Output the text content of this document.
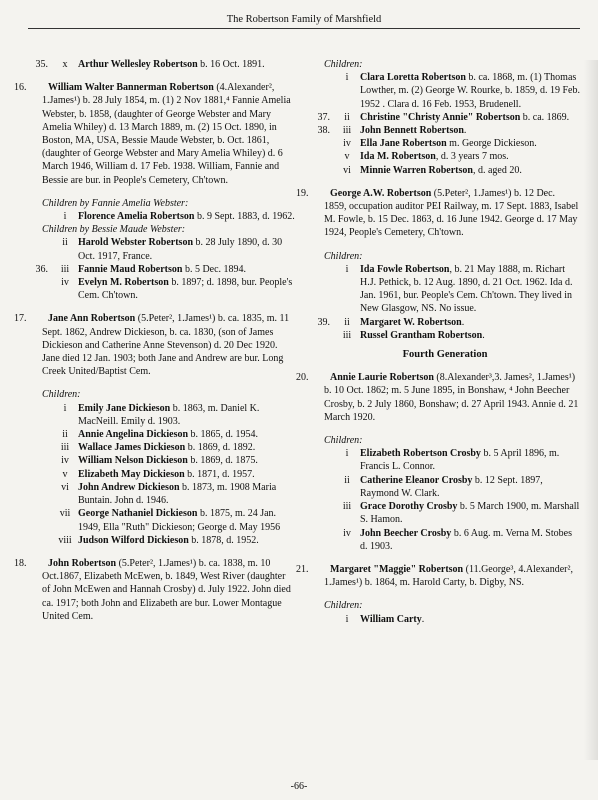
The Robertson Family of Marshfield
35.	x	Arthur Wellesley Robertson b. 16 Oct. 1891.

16. William Walter Bannerman Robertson (4.Alexander², 1.James¹) b. 28 July 1854, m. (1) 2 Nov 1881,⁴ Fannie Amelia Webster, b. 1858, (daughter of George Webster and Mary Amelia Whiley) d. 13 March 1889, m. (2) 15 Oct. 1890, in Boston, MA, USA, Bessie Maude Webster, b. Oct. 1861, (daughter of George Webster and Mary Amelia Whiley) d. 6 March 1946, William d. 17 Feb. 1938. William, Fannie and Bessie are bur. in People's Cemetery, Ch'town.

Children by Fannie Amelia Webster:
i	Florence Amelia Robertson b. 9 Sept. 1883, d. 1962.
Children by Bessie Maude Webster:
ii	Harold Webster Robertson b. 28 July 1890, d. 30 Oct. 1917, France.
36.	iii Fannie Maud Robertson b. 5 Dec. 1894.
iv Evelyn M. Robertson b. 1897; d. 1898, bur. People's Cem. Ch'town.

17. Jane Ann Robertson (5.Peter², 1.James¹) b. ca. 1835, m. 11 Sept. 1862, Andrew Dickieson, b. ca. 1830, (son of James Dickieson and Catherine Anne Stevenson) d. 20 Dec 1920. Jane died 12 Jan. 1903; both Jane and Andrew are bur. Long Creek United/Baptist Cem.

Children:
i	Emily Jane Dickieson b. 1863, m. Daniel K. MacNeill. Emily d. 1903.
ii	Annie Angelina Dickieson b. 1865, d. 1954.
iii Wallace James Dickieson b. 1869, d. 1892.
iv William Nelson Dickieson b. 1869, d. 1875.
v	Elizabeth May Dickieson b. 1871, d. 1957.
vi John Andrew Dickieson b. 1873, m. 1908 Maria Buntain. John d. 1946.
vii George Nathaniel Dickieson b. 1875, m. 24 Jan. 1949, Ella "Ruth" Dickieson; George d. May 1956
viii Judson Wilford Dickieson b. 1878, d. 1952.

18. John Robertson (5.Peter², 1.James¹) b. ca. 1838, m. 10 Oct.1867, Elizabeth McEwen, b. 1849, West River (daughter of John McEwen and Hannah Crosby) d. July 1922. John died ca. 1917; both John and Elizabeth are bur. Lower Montague United Cem.

Children:
i	Clara Loretta Robertson b. ca. 1868, m. (1) Thomas Lowther, m. (2) George W. Rourke, b. 1859, d. 19 Feb. 1952 . Clara d. 16 Feb. 1953, Brudenell.
37.	ii	Christine "Christy Annie" Robertson b. ca. 1869.
38.	iii John Bennett Robertson.
iv Ella Jane Robertson m. George Dickieson.
v	Ida M. Robertson, d. 3 years 7 mos.
vi Minnie Warren Robertson, d. aged 20.

19. George A.W. Robertson (5.Peter², 1.James¹) b. 12 Dec. 1859, occupation auditor PEI Railway, m. 17 Sept. 1883, Isabel M. Fowle, b. 15 Dec. 1863, d. 16 June 1942. George d. 17 May 1924, People's Cemetery, Ch'town.

Children:
i	Ida Fowle Robertson, b. 21 May 1888, m. Richart H.J. Pethick, b. 12 Aug. 1890, d. 21 Oct. 1962. Ida d. Jan. 1961, bur. People's Cem. Ch'town. They lived in New Glasgow, NS. No issue.
39.	ii	Margaret W. Robertson.
iii Russel Grantham Robertson.
Fourth Generation

20. Annie Laurie Robertson (8.Alexander³,3. James², 1.James¹) b. 10 Oct. 1862; m. 5 June 1895, in Bonshaw, ⁴ John Beecher Crosby, b. 2 July 1860, Bonshaw; d. 27 April 1943. Annie d. 21 March 1920.

Children:
i	Elizabeth Robertson Crosby b. 5 April 1896, m. Francis L. Connor.
ii	Catherine Eleanor Crosby b. 12 Sept. 1897, Raymond W. Clark.
iii Grace Dorothy Crosby b. 5 March 1900, m. Marshall S. Hamon.
iv John Beecher Crosby b. 6 Aug. m. Verna M. Stobes d. 1903.

21. Margaret "Maggie" Robertson (11.George³, 4.Alexander², 1.James¹) b. 1864, m. Harold Carty, b. Digby, NS.

Children:
i	William Carty.
-66-
